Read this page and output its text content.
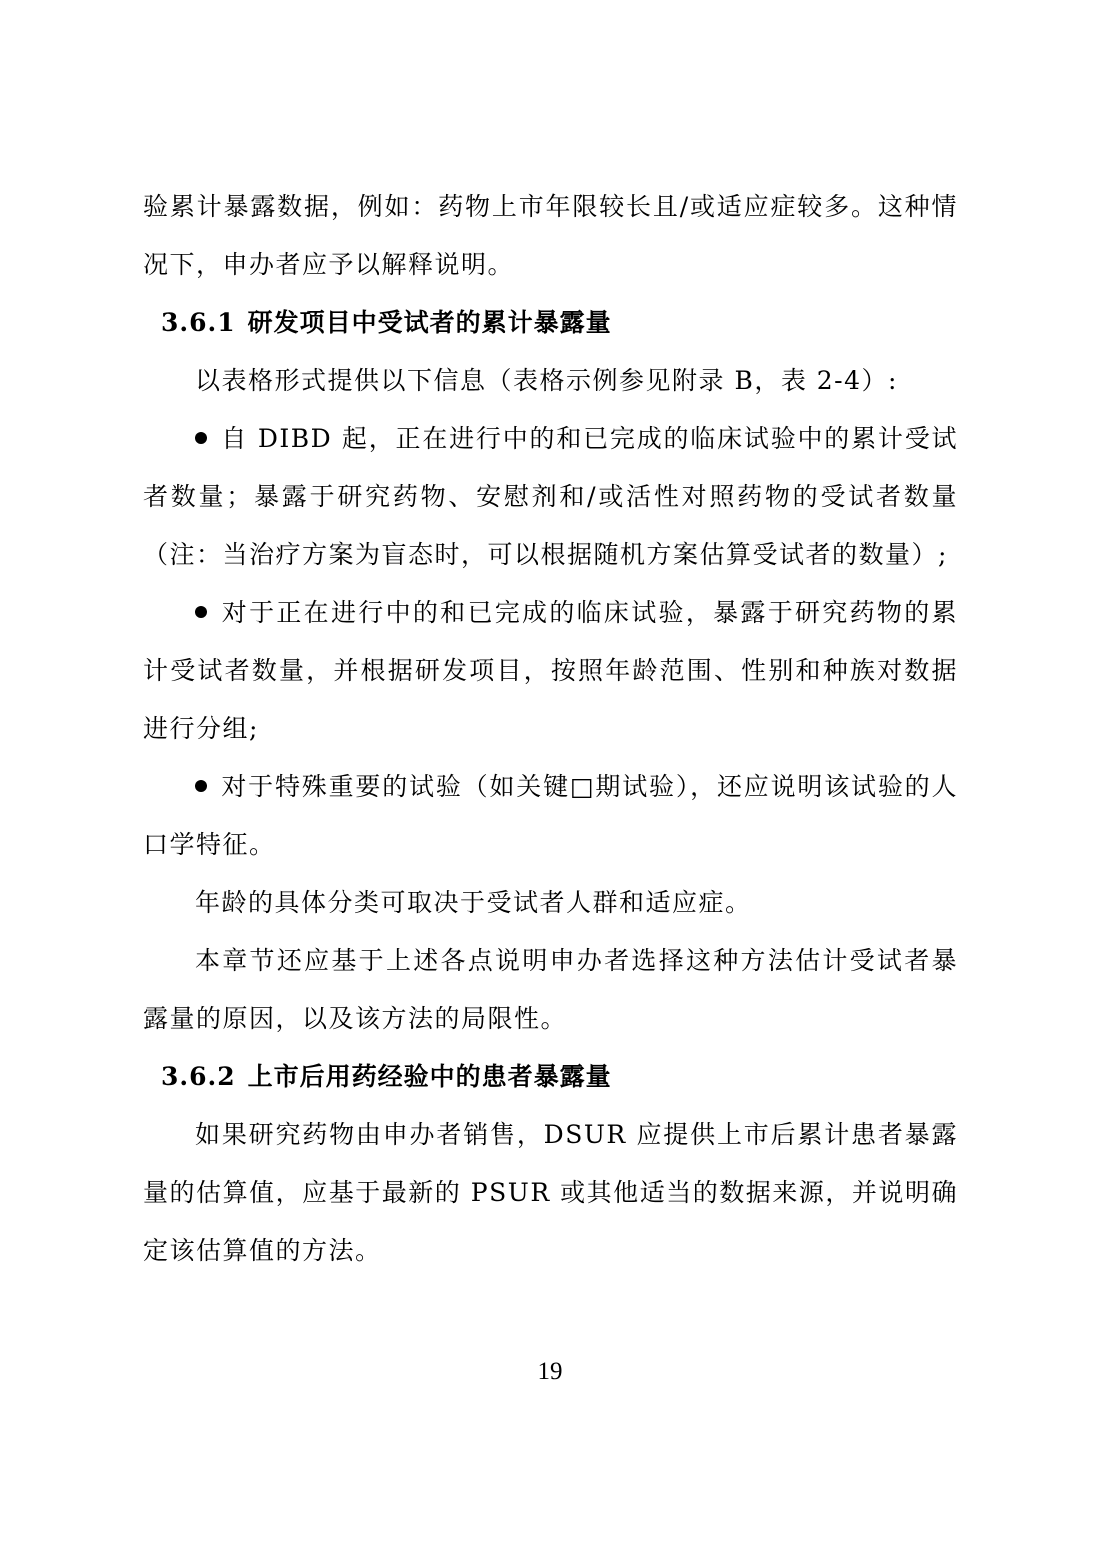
验累计暴露数据，例如：药物上市年限较长且/或适应症较多。这种情况下，申办者应予以解释说明。

3.6.1 研发项目中受试者的累计暴露量

以表格形式提供以下信息（表格示例参见附录 B，表 2-4）:

自 DIBD 起，正在进行中的和已完成的临床试验中的累计受试者数量；暴露于研究药物、安慰剂和/或活性对照药物的受试者数量（注：当治疗方案为盲态时，可以根据随机方案估算受试者的数量）;

对于正在进行中的和已完成的临床试验，暴露于研究药物的累计受试者数量，并根据研发项目，按照年龄范围、性别和种族对数据进行分组;

对于特殊重要的试验（如关键□期试验），还应说明该试验的人口学特征。

年龄的具体分类可取决于受试者人群和适应症。

本章节还应基于上述各点说明申办者选择这种方法估计受试者暴露量的原因，以及该方法的局限性。

3.6.2 上市后用药经验中的患者暴露量

如果研究药物由申办者销售，DSUR 应提供上市后累计患者暴露量的估算值，应基于最新的 PSUR 或其他适当的数据来源，并说明确定该估算值的方法。

19
